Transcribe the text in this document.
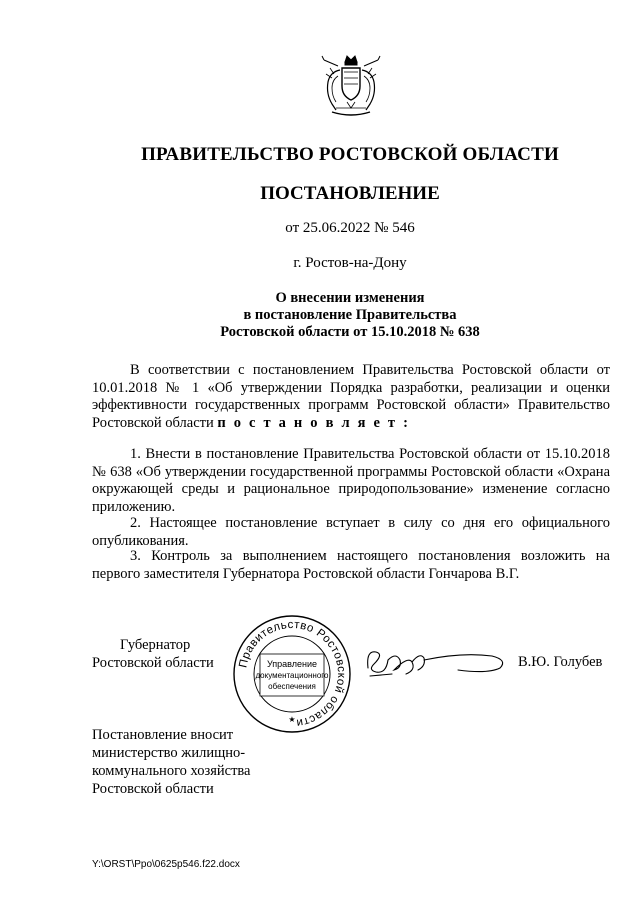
ПРАВИТЕЛЬСТВО РОСТОВСКОЙ ОБЛАСТИ
ПОСТАНОВЛЕНИЕ
от 25.06.2022 № 546
г. Ростов-на-Дону
О внесении изменения
в постановление Правительства
Ростовской области от 15.10.2018 № 638
В соответствии с постановлением Правительства Ростовской области от 10.01.2018 № 1 «Об утверждении Порядка разработки, реализации и оценки эффективности государственных программ Ростовской области» Правительство Ростовской области п о с т а н о в л я е т :
1. Внести в постановление Правительства Ростовской области от 15.10.2018 № 638 «Об утверждении государственной программы Ростовской области «Охрана окружающей среды и рациональное природопользование» изменение согласно приложению.
2. Настоящее постановление вступает в силу со дня его официального опубликования.
3. Контроль за выполнением настоящего постановления возложить на первого заместителя Губернатора Ростовской области Гончарова В.Г.
Губернатор
Ростовской области Правительство Ростовской области
Управление
документационного
обеспечения
★
В.Ю. Голубев
Постановление вносит
министерство жилищно-
коммунального хозяйства
Ростовской области
Y:\ORST\Ppo\0625p546.f22.docx
